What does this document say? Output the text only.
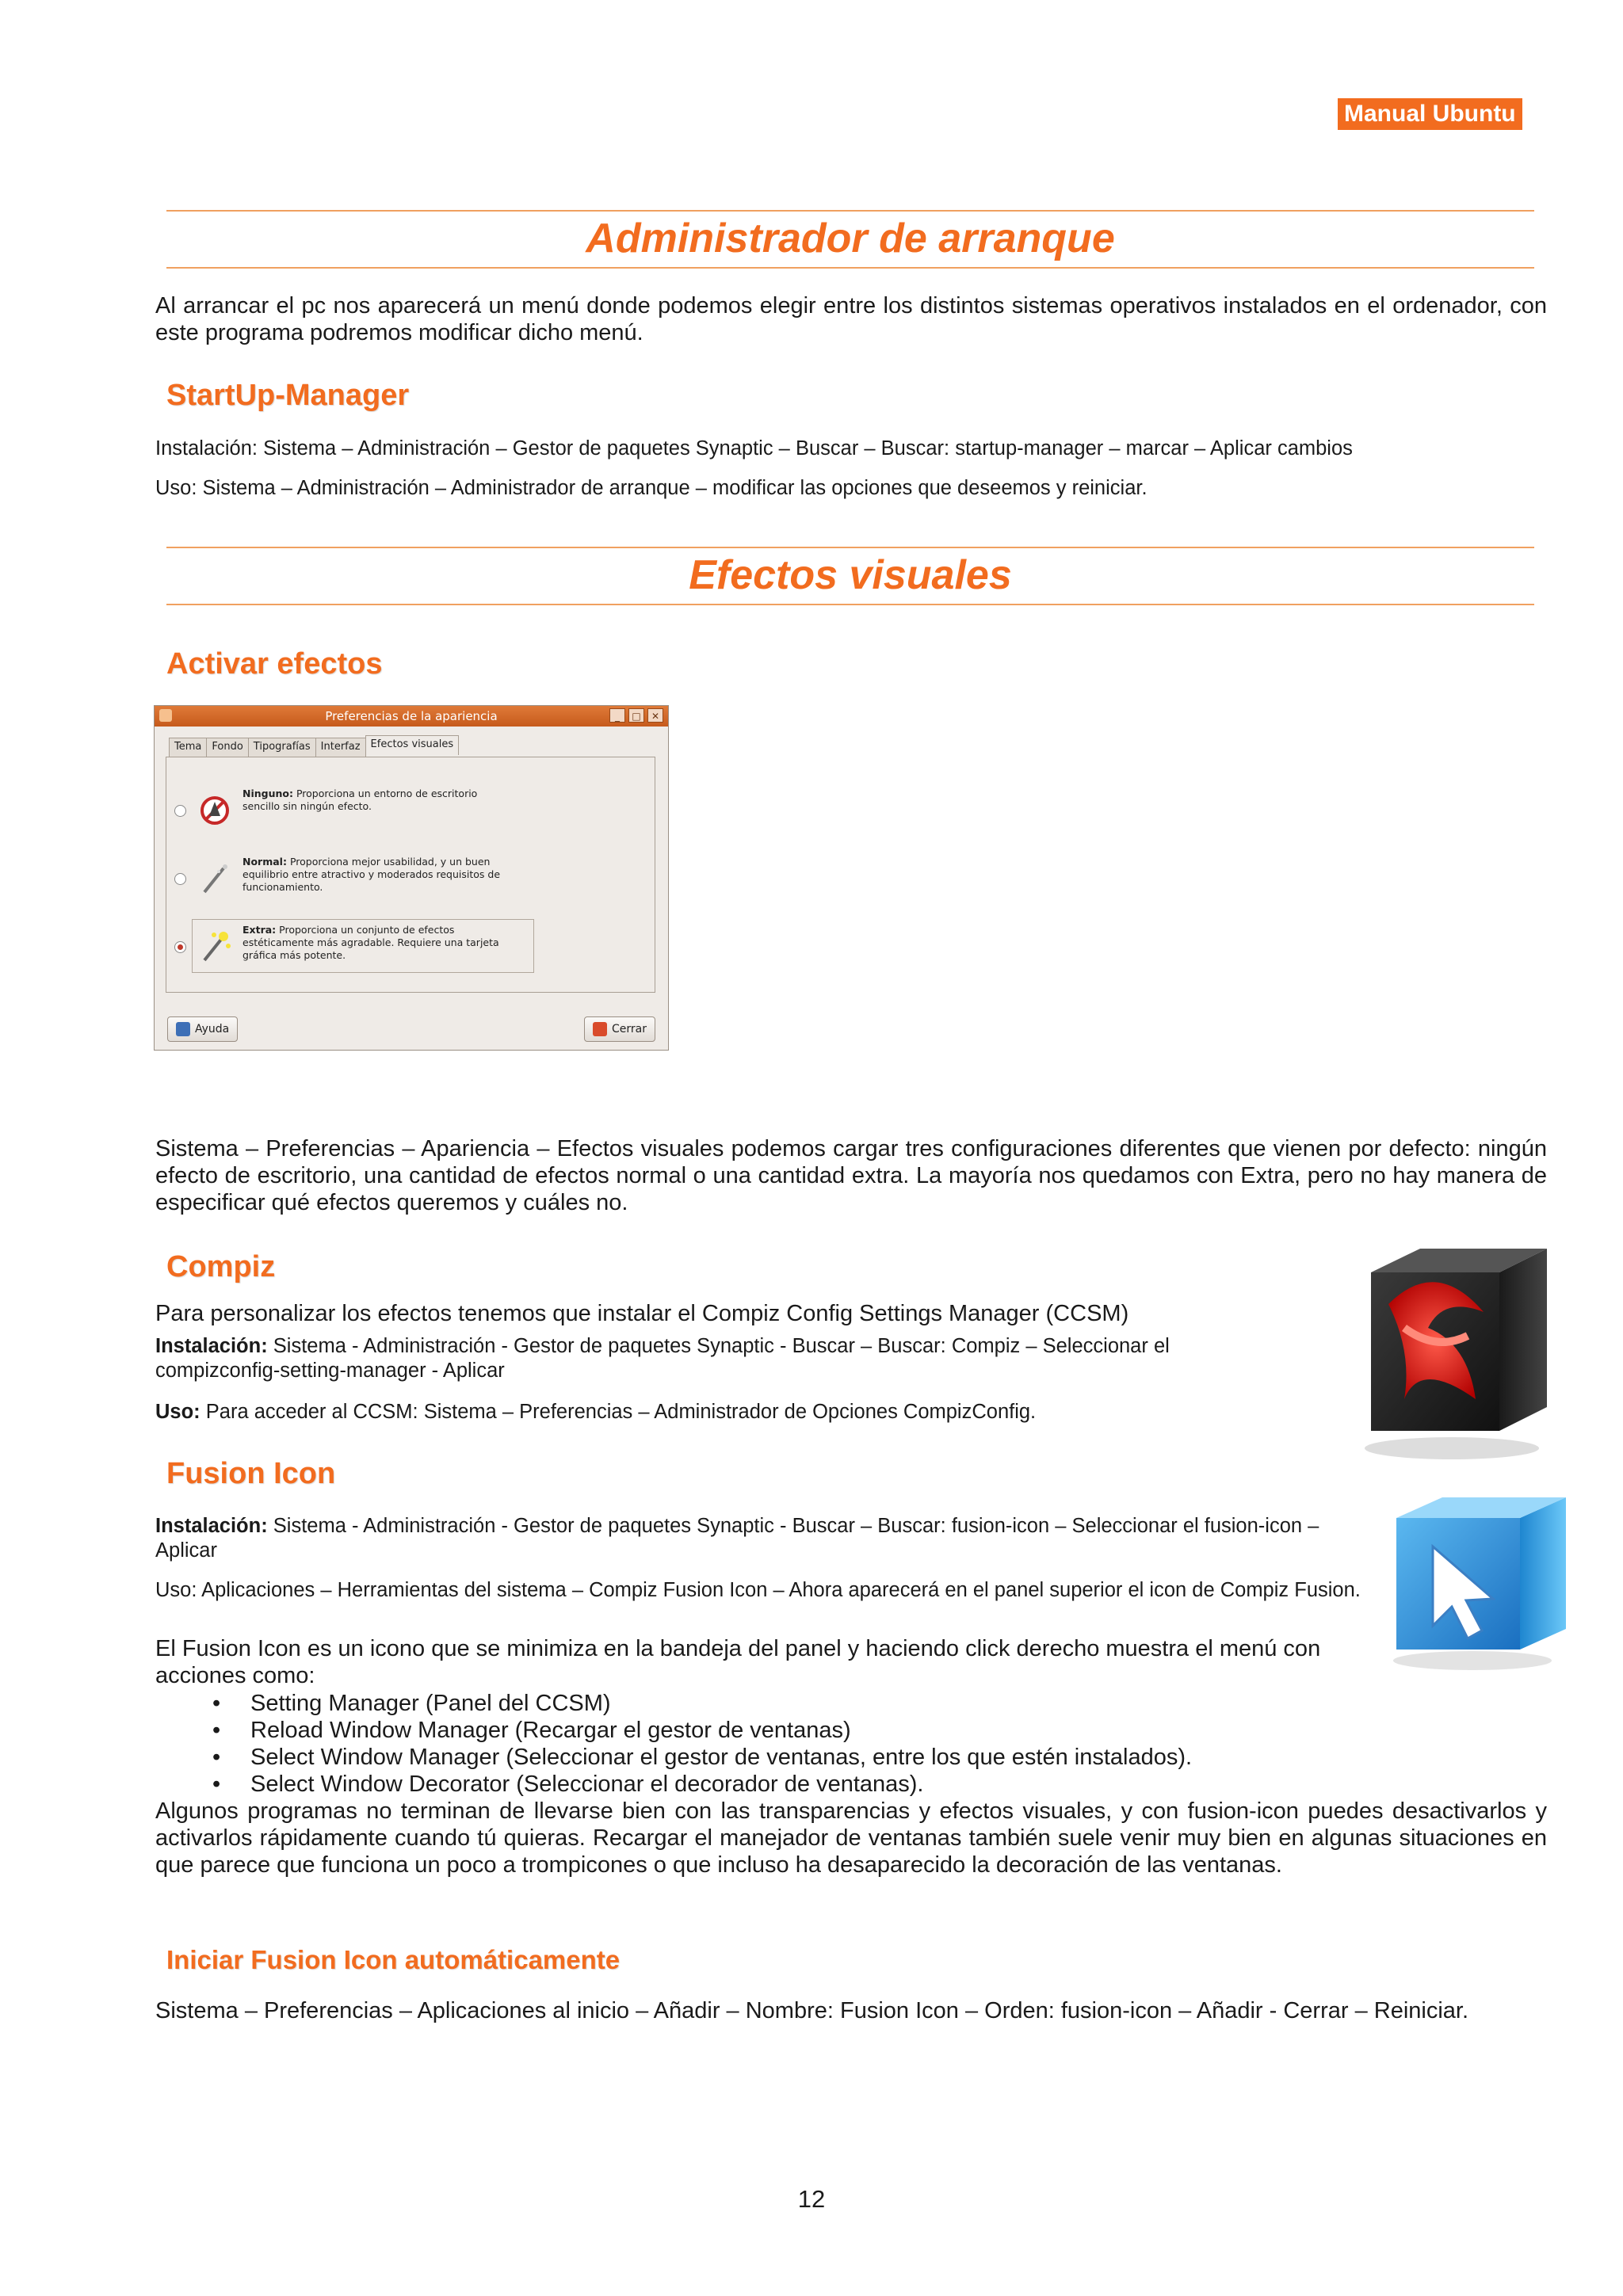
Manual Ubuntu
Administrador de arranque
Al arrancar el pc nos aparecerá un menú donde podemos elegir entre los distintos sistemas operativos instalados en el ordenador, con este programa podremos modificar dicho menú.
StartUp-Manager
Instalación: Sistema – Administración – Gestor de paquetes Synaptic – Buscar – Buscar: startup-manager – marcar – Aplicar cambios
Uso: Sistema – Administración – Administrador de arranque – modificar las opciones que deseemos y reiniciar.
Efectos visuales
Activar efectos
Preferencias de la apariencia	_	□	✕
Tema	Fondo	Tipografías	Interfaz	Efectos visuales
Ninguno: Proporciona un entorno de escritorio sencillo sin ningún efecto.
Normal: Proporciona mejor usabilidad, y un buen equilibrio entre atractivo y moderados requisitos de funcionamiento.
Extra: Proporciona un conjunto de efectos estéticamente más agradable. Requiere una tarjeta gráfica más potente.
Ayuda	Cerrar
Sistema – Preferencias – Apariencia – Efectos visuales podemos cargar tres configuraciones diferentes que vienen por defecto: ningún efecto de escritorio, una cantidad de efectos normal o una cantidad extra. La mayoría nos quedamos con Extra, pero no hay manera de especificar qué efectos queremos y cuáles no.
Compiz
Para personalizar los efectos tenemos que instalar el Compiz Config Settings Manager (CCSM)
Instalación: Sistema - Administración - Gestor de paquetes Synaptic - Buscar – Buscar: Compiz – Seleccionar el compizconfig-setting-manager - Aplicar
Uso: Para acceder al CCSM: Sistema – Preferencias – Administrador de Opciones CompizConfig.
Fusion Icon
Instalación: Sistema - Administración - Gestor de paquetes Synaptic - Buscar – Buscar: fusion-icon – Seleccionar el fusion-icon – Aplicar
Uso: Aplicaciones – Herramientas del sistema – Compiz Fusion Icon – Ahora aparecerá en el panel superior el icon de Compiz Fusion.
El Fusion Icon es un icono que se minimiza en la bandeja del panel y haciendo click derecho muestra el menú con acciones como:
• Setting Manager (Panel del CCSM)
• Reload Window Manager (Recargar el gestor de ventanas)
• Select Window Manager (Seleccionar el gestor de ventanas, entre los que estén instalados).
• Select Window Decorator (Seleccionar el decorador de ventanas).
Algunos programas no terminan de llevarse bien con las transparencias y efectos visuales, y con fusion-icon puedes desactivarlos y activarlos rápidamente cuando tú quieras. Recargar el manejador de ventanas también suele venir muy bien en algunas situaciones en que parece que funciona un poco a trompicones o que incluso ha desaparecido la decoración de las ventanas.
Iniciar Fusion Icon automáticamente
Sistema – Preferencias – Aplicaciones al inicio – Añadir – Nombre: Fusion Icon – Orden: fusion-icon – Añadir - Cerrar – Reiniciar.
12
